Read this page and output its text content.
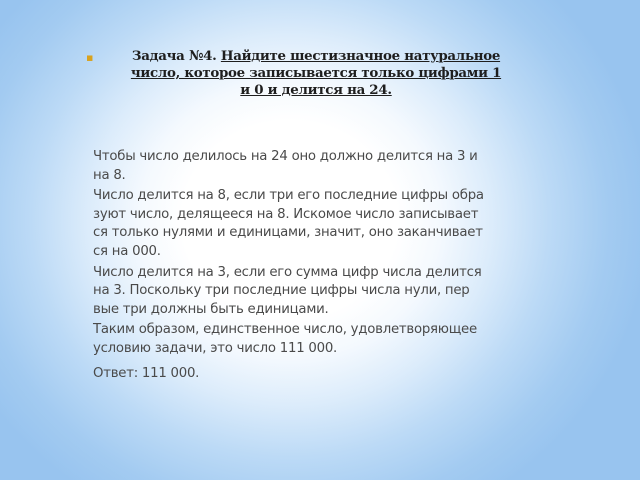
▪	Задача №4. Найдите шестизначное натуральное
число, которое записывается только цифрами 1
и 0 и делится на 24.
Чтобы число делилось на 24 оно должно делится на 3 и
на 8.
Число делится на 8, если три его последние цифры обра
зуют число, делящееся на 8. Искомое число записывает
ся только нулями и единицами, значит, оно заканчивает
ся на 000.
Число делится на 3, если его сумма цифр числа делится
на 3. Поскольку три последние цифры числа нули, пер
вые три должны быть единицами.
Таким образом, единственное число, удовлетворяющее
условию задачи, это число 111 000.
Ответ: 111 000.
